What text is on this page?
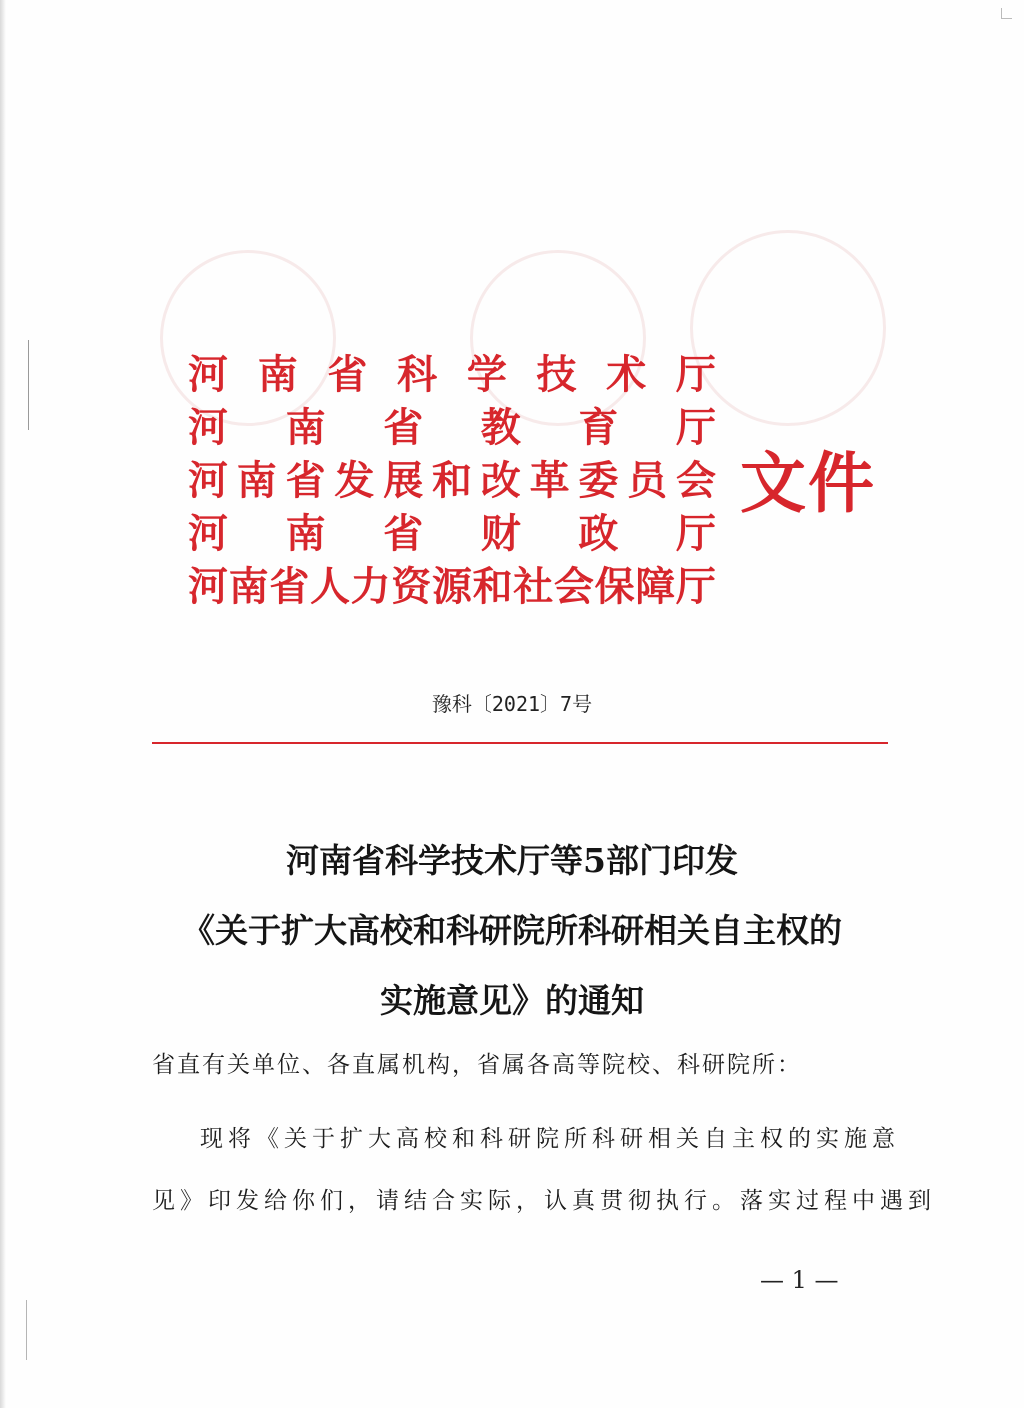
河 南 省 科 学 技 术 厅
河 南 省 教 育 厅
河 南 省 发 展 和 改 革 委 员 会
河 南 省 财 政 厅
河 南 省 人 力 资 源 和 社 会 保 障 厅
文件
豫科〔2021〕7号
河南省科学技术厅等5部门印发
《关于扩大高校和科研院所科研相关自主权的
实施意见》的通知
省直有关单位、各直属机构，省属各高等院校、科研院所：
现将《关于扩大高校和科研院所科研相关自主权的实施意
见》印发给你们，请结合实际，认真贯彻执行。落实过程中遇到
— 1 —
